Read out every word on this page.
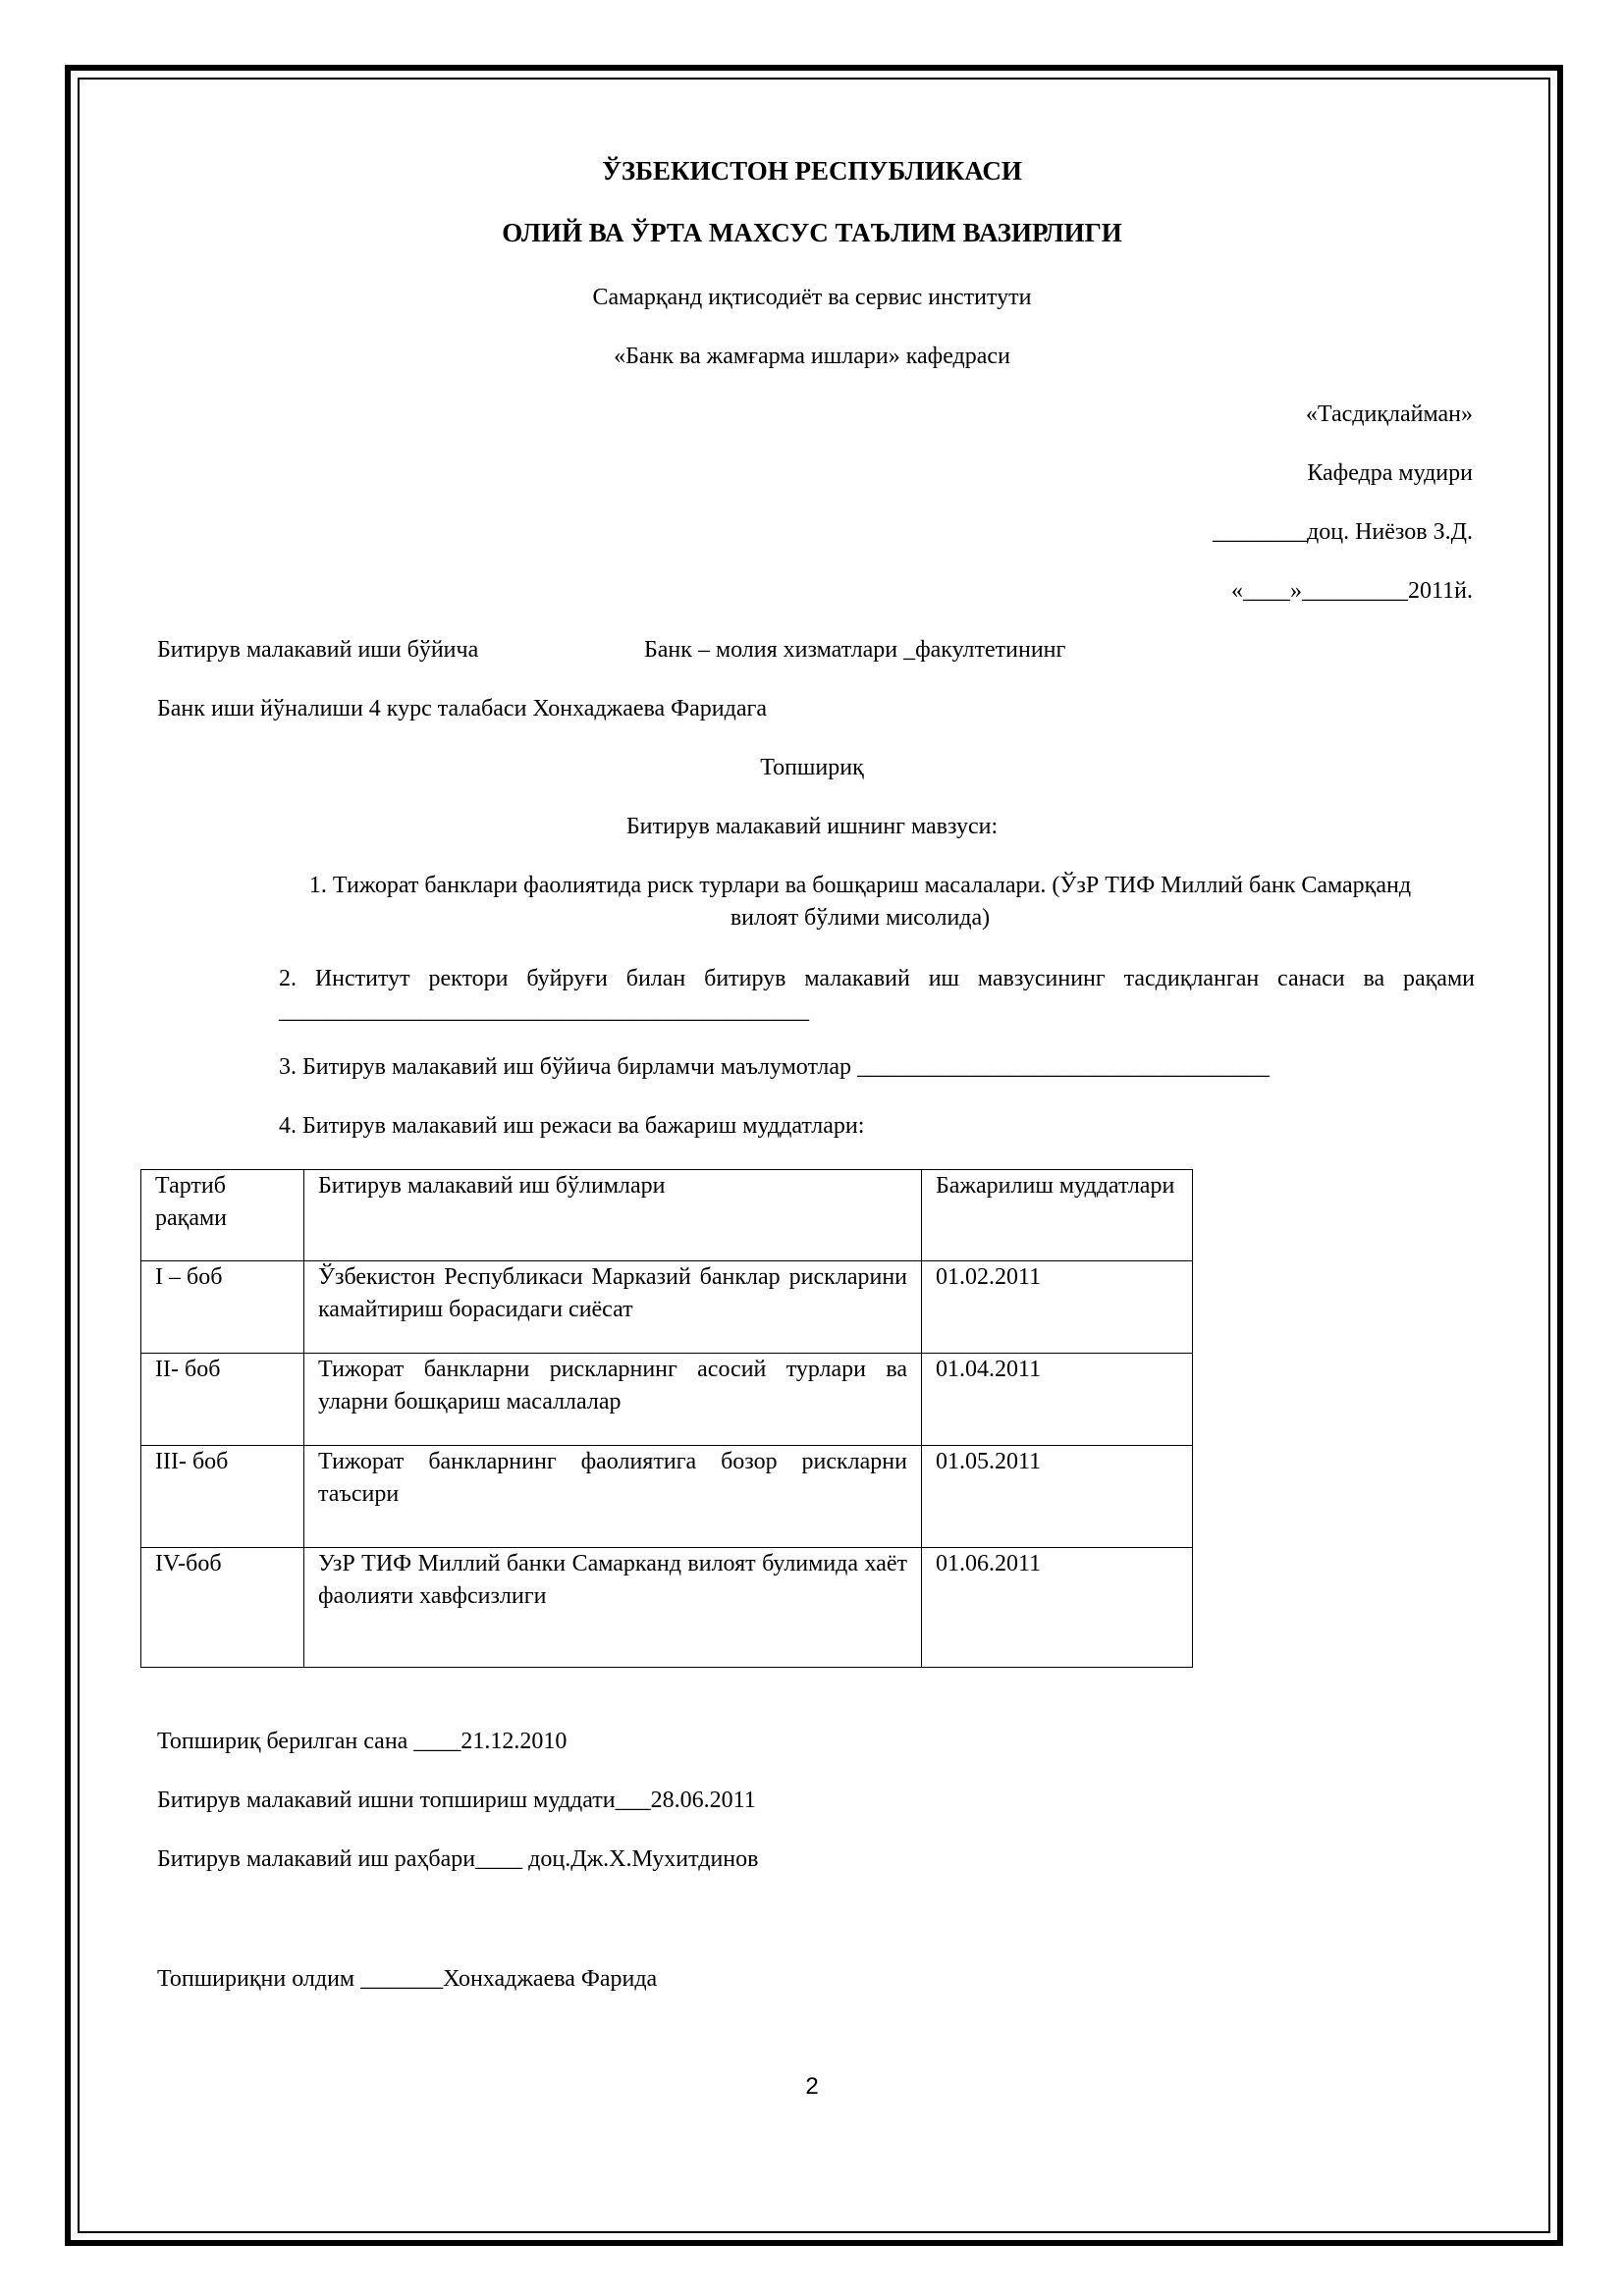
ЎЗБЕКИСТОН РЕСПУБЛИКАСИ
ОЛИЙ ВА ЎРТА МАХСУС ТАЪЛИМ ВАЗИРЛИГИ
Самарқанд иқтисодиёт ва сервис институти
«Банк ва жамғарма ишлари» кафедраси
«Тасдиқлайман»
Кафедра мудири
________доц. Ниёзов З.Д.
«____»_________2011й.
Битирув малакавий иши бўйича	Банк – молия хизматлари _факултетининг
Банк иши йўналиши 4 курс талабаси Хонхаджаева Фаридага
Топшириқ
Битирув малакавий ишнинг мавзуси:
1. Тижорат банклари фаолиятида риск турлари ва бошқариш масалалари. (ЎзР ТИФ Миллий банк Самарқанд вилоят бўлими мисолида)
2. Институт ректори буйруғи билан битирув малакавий иш мавзусининг тасдиқланган санаси ва рақами _____________________________________________
3. Битирув малакавий иш бўйича бирламчи маълумотлар ___________________________________
4. Битирув малакавий иш режаси ва бажариш муддатлари:
Тартиб рақами	Битирув малакавий иш бўлимлари	Бажарилиш муддатлари
I – боб	Ўзбекистон Республикаси Марказий банклар рискларини камайтириш борасидаги сиёсат	01.02.2011
II- боб	Тижорат банкларни рискларнинг асосий турлари ва уларни бошқариш масаллалар	01.04.2011
III- боб	Тижорат банкларнинг фаолиятига бозор рискларни таъсири	01.05.2011
IV-боб	УзР ТИФ Миллий банки Самарканд вилоят булимида хаёт фаолияти хавфсизлиги	01.06.2011
Топшириқ берилган сана ____21.12.2010
Битирув малакавий ишни топшириш муддати___28.06.2011
Битирув малакавий иш раҳбари____ доц.Дж.Х.Мухитдинов
Топшириқни олдим _______Хонхаджаева Фарида
2
